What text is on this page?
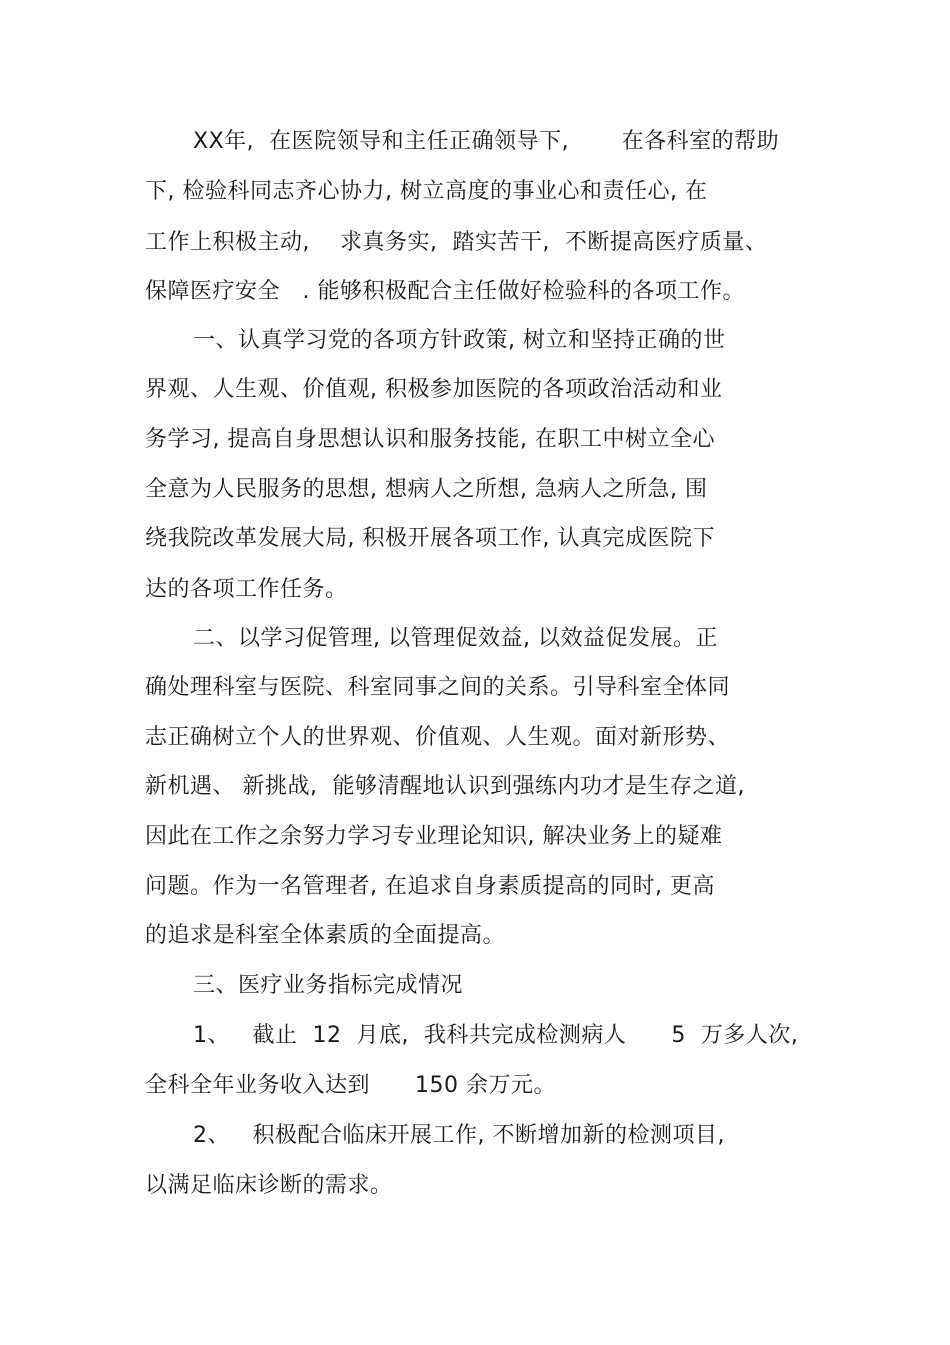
XX年,  在医院领导和主任正确领导下,       在各科室的帮助
下, 检验科同志齐心协力, 树立高度的事业心和责任心, 在
工作上积极主动,    求真务实,  踏实苦干,  不断提高医疗质量、
保障医疗安全   . 能够积极配合主任做好检验科的各项工作。
一、认真学习党的各项方针政策, 树立和坚持正确的世
界观、人生观、价值观, 积极参加医院的各项政治活动和业
务学习, 提高自身思想认识和服务技能, 在职工中树立全心
全意为人民服务的思想, 想病人之所想, 急病人之所急, 围
绕我院改革发展大局, 积极开展各项工作, 认真完成医院下
达的各项工作任务。
二、以学习促管理, 以管理促效益, 以效益促发展。正
确处理科室与医院、科室同事之间的关系。引导科室全体同
志正确树立个人的世界观、价值观、人生观。面对新形势、
新机遇、 新挑战,  能够清醒地认识到强练内功才是生存之道,
因此在工作之余努力学习专业理论知识, 解决业务上的疑难
问题。作为一名管理者, 在追求自身素质提高的同时, 更高
的追求是科室全体素质的全面提高。
三、医疗业务指标完成情况
1、   截止  12  月底,  我科共完成检测病人      5  万多人次,
全科全年业务收入达到      150 余万元。
2、   积极配合临床开展工作, 不断增加新的检测项目,
以满足临床诊断的需求。
